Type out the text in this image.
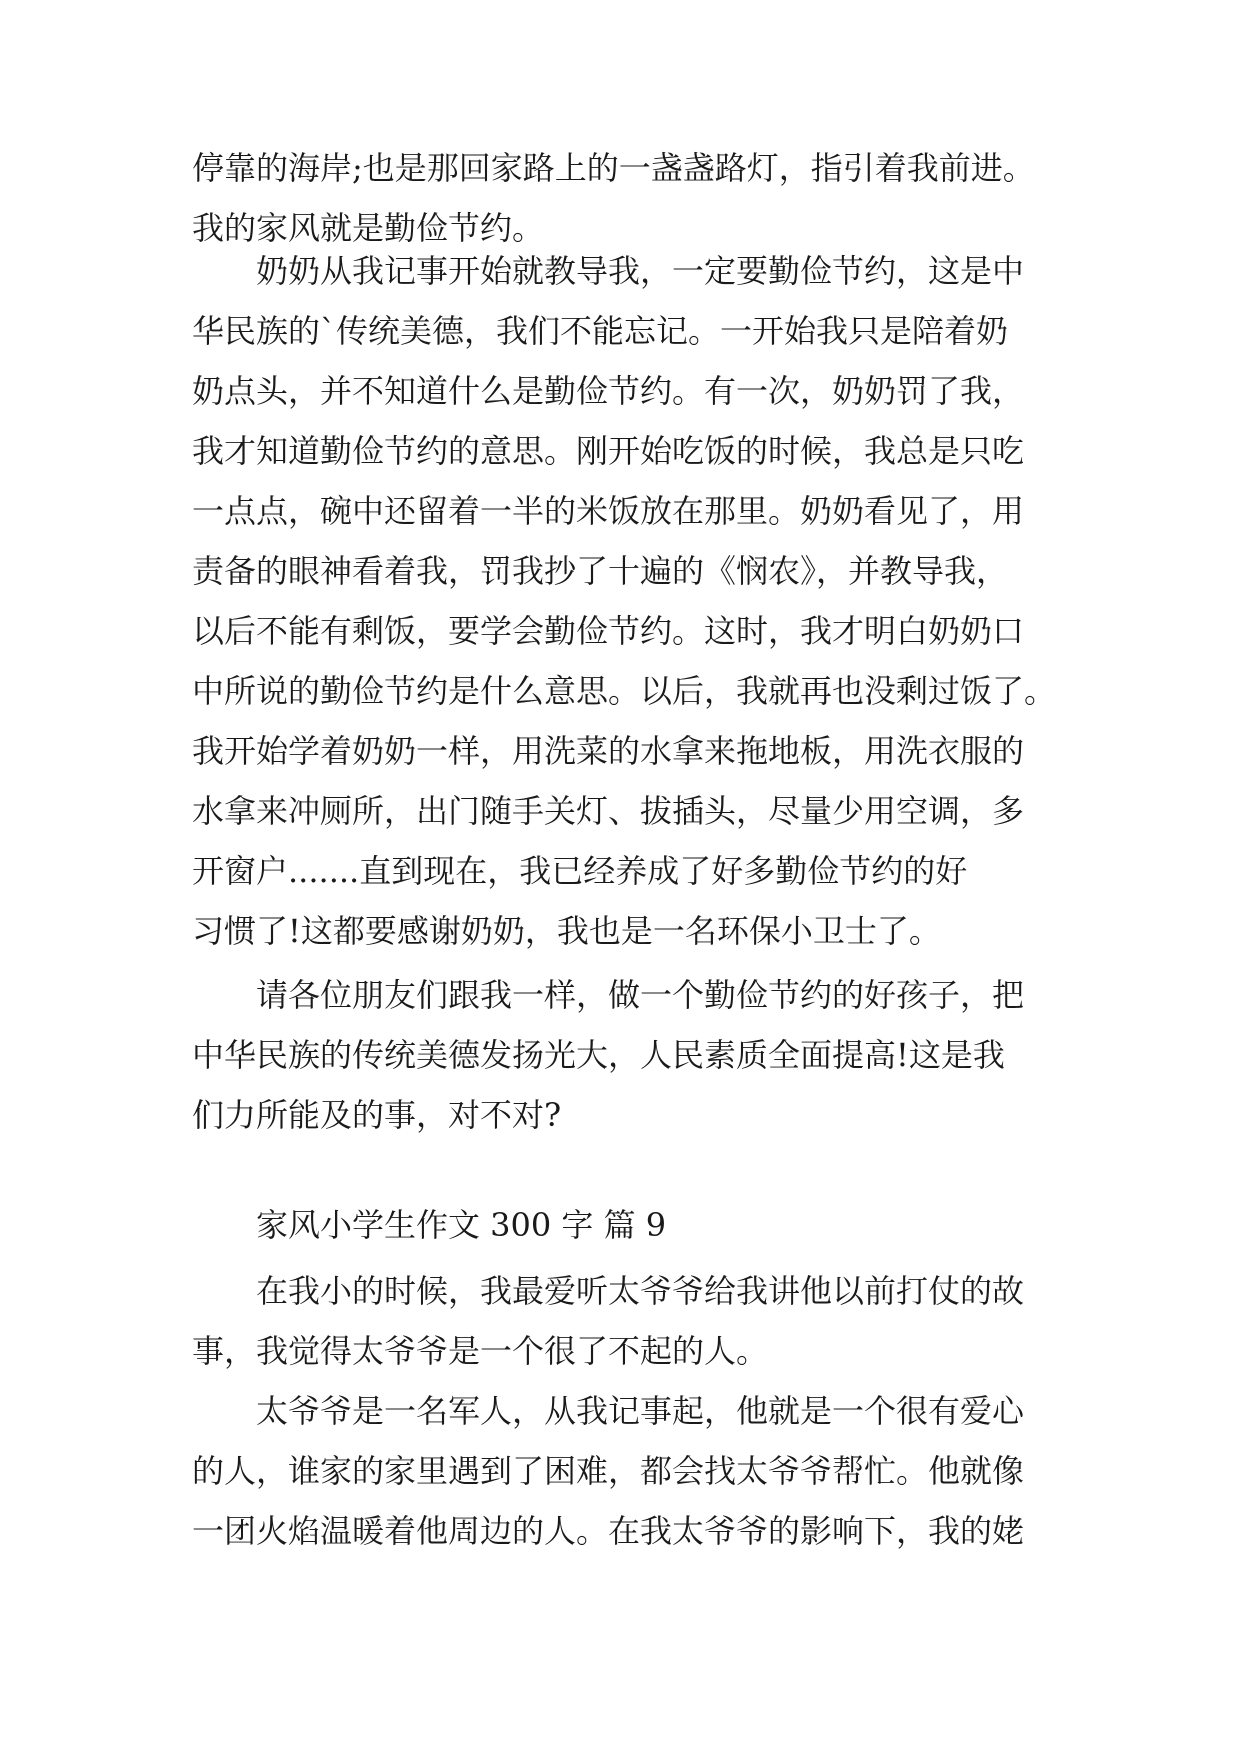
停靠的海岸;也是那回家路上的一盏盏路灯，指引着我前进。
我的家风就是勤俭节约。
奶奶从我记事开始就教导我，一定要勤俭节约，这是中
华民族的`传统美德，我们不能忘记。一开始我只是陪着奶
奶点头，并不知道什么是勤俭节约。有一次，奶奶罚了我，
我才知道勤俭节约的意思。刚开始吃饭的时候，我总是只吃
一点点，碗中还留着一半的米饭放在那里。奶奶看见了，用
责备的眼神看着我，罚我抄了十遍的《悯农》，并教导我，
以后不能有剩饭，要学会勤俭节约。这时，我才明白奶奶口
中所说的勤俭节约是什么意思。以后，我就再也没剩过饭了。
我开始学着奶奶一样，用洗菜的水拿来拖地板，用洗衣服的
水拿来冲厕所，出门随手关灯、拔插头，尽量少用空调，多
开窗户.......直到现在，我已经养成了好多勤俭节约的好
习惯了!这都要感谢奶奶，我也是一名环保小卫士了。
请各位朋友们跟我一样，做一个勤俭节约的好孩子，把
中华民族的传统美德发扬光大，人民素质全面提高!这是我
们力所能及的事，对不对?
家风小学生作文 300 字 篇 9
在我小的时候，我最爱听太爷爷给我讲他以前打仗的故
事，我觉得太爷爷是一个很了不起的人。
太爷爷是一名军人，从我记事起，他就是一个很有爱心
的人，谁家的家里遇到了困难，都会找太爷爷帮忙。他就像
一团火焰温暖着他周边的人。在我太爷爷的影响下，我的姥
